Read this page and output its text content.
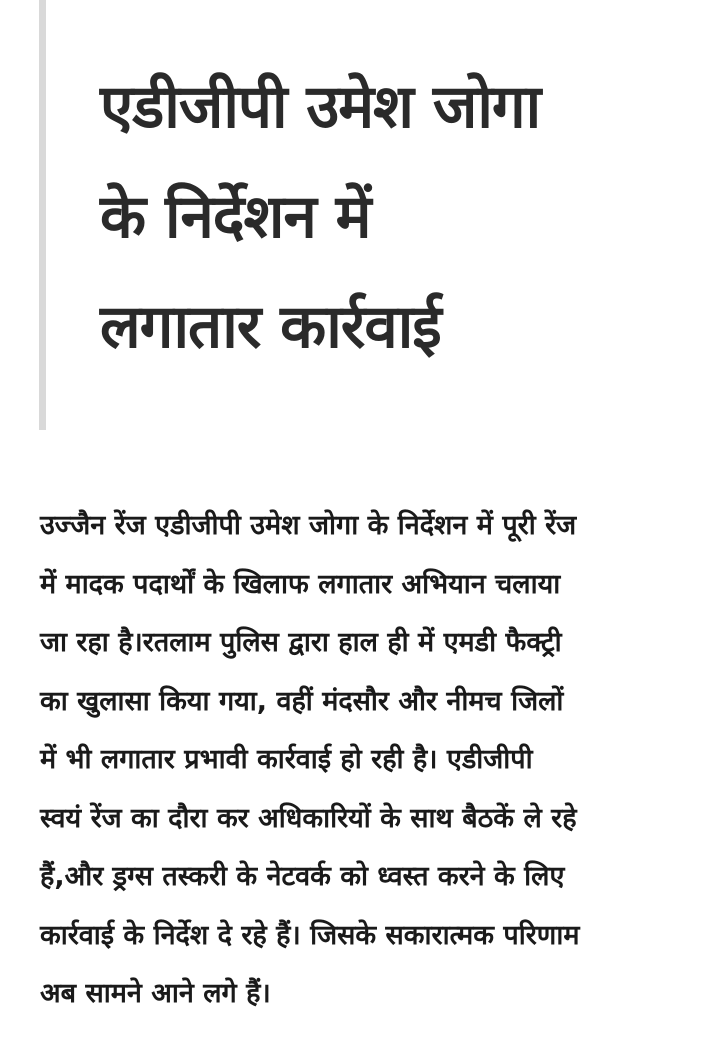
एडीजीपी उमेश जोगा
के निर्देशन में
लगातार कार्रवाई
उज्जैन रेंज एडीजीपी उमेश जोगा के निर्देशन में पूरी रेंज
में मादक पदार्थों के खिलाफ लगातार अभियान चलाया
जा रहा है।रतलाम पुलिस द्वारा हाल ही में एमडी फैक्ट्री
का खुलासा किया गया, वहीं मंदसौर और नीमच जिलों
में भी लगातार प्रभावी कार्रवाई हो रही है। एडीजीपी
स्वयं रेंज का दौरा कर अधिकारियों के साथ बैठकें ले रहे
हैं,और ड्रग्स तस्करी के नेटवर्क को ध्वस्त करने के लिए
कार्रवाई के निर्देश दे रहे हैं। जिसके सकारात्मक परिणाम
अब सामने आने लगे हैं।
